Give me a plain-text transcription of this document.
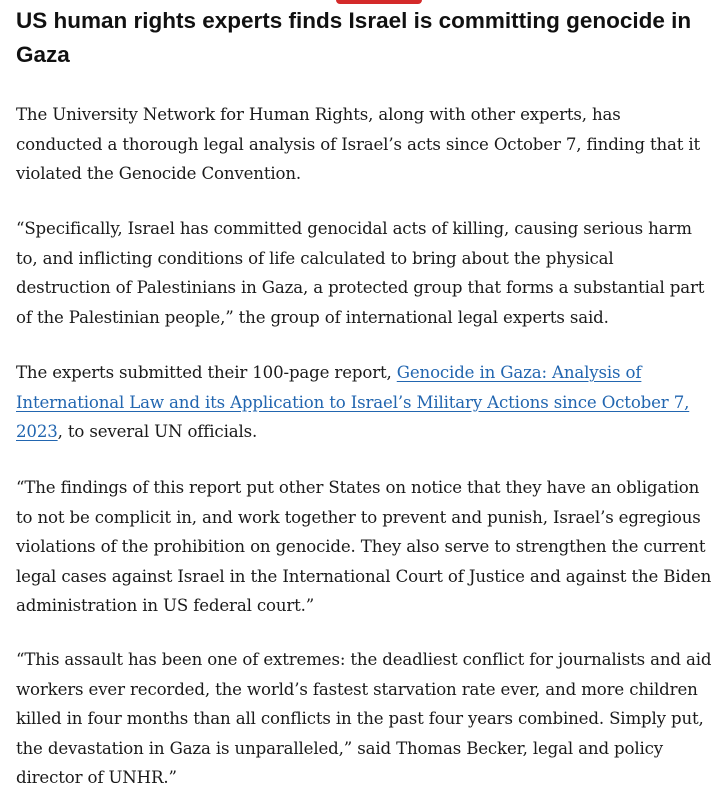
US human rights experts finds Israel is committing genocide in Gaza

The University Network for Human Rights, along with other experts, has conducted a thorough legal analysis of Israel’s acts since October 7, finding that it violated the Genocide Convention.

“Specifically, Israel has committed genocidal acts of killing, causing serious harm to, and inflicting conditions of life calculated to bring about the physical destruction of Palestinians in Gaza, a protected group that forms a substantial part of the Palestinian people,” the group of international legal experts said.

The experts submitted their 100-page report, Genocide in Gaza: Analysis of International Law and its Application to Israel’s Military Actions since October 7, 2023, to several UN officials.

“The findings of this report put other States on notice that they have an obligation to not be complicit in, and work together to prevent and punish, Israel’s egregious violations of the prohibition on genocide. They also serve to strengthen the current legal cases against Israel in the International Court of Justice and against the Biden administration in US federal court.”

“This assault has been one of extremes: the deadliest conflict for journalists and aid workers ever recorded, the world’s fastest starvation rate ever, and more children killed in four months than all conflicts in the past four years combined. Simply put, the devastation in Gaza is unparalleled,” said Thomas Becker, legal and policy director of UNHR.”
